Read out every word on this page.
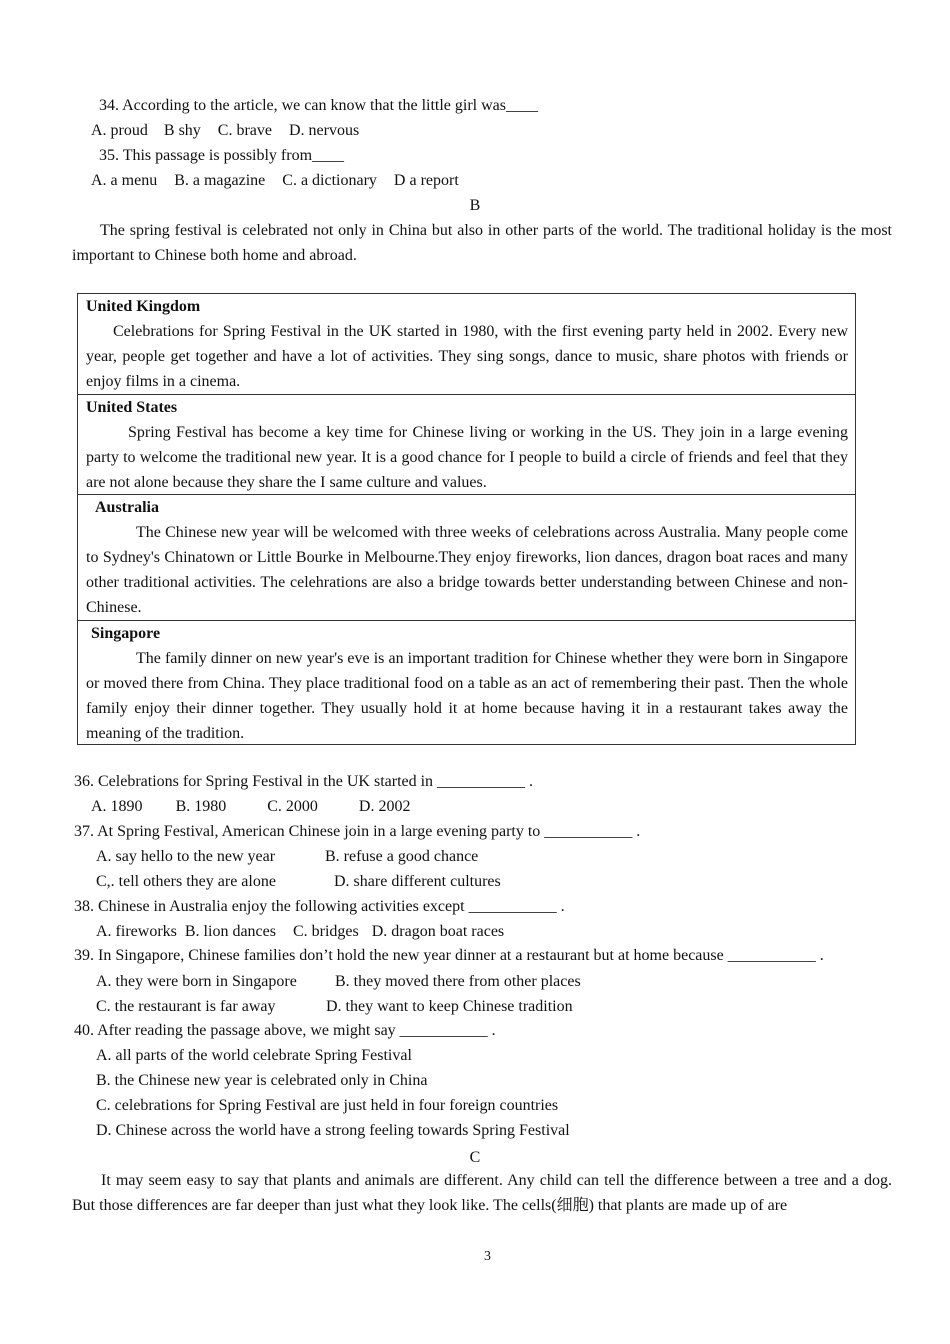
34. According to the article, we can know that the little girl was____
A. proud B shy C. brave D. nervous
35. This passage is possibly from____
A. a menu B. a magazine C. a dictionary D a report
B
The spring festival is celebrated not only in China but also in other parts of the world. The traditional holiday is the most important to Chinese both home and abroad.
United Kingdom
Celebrations for Spring Festival in the UK started in 1980, with the first evening party held in 2002. Every new year, people get together and have a lot of activities. They sing songs, dance to music, share photos with friends or enjoy films in a cinema.
United States
Spring Festival has become a key time for Chinese living or working in the US. They join in a large evening party to welcome the traditional new year. It is a good chance for I people to build a circle of friends and feel that they are not alone because they share the I same culture and values.
Australia
The Chinese new year will be welcomed with three weeks of celebrations across Australia. Many people come to Sydney's Chinatown or Little Bourke in Melbourne.They enjoy fireworks, lion dances, dragon boat races and many other traditional activities. The celehrations are also a bridge towards better understanding between Chinese and non-Chinese.
Singapore
The family dinner on new year's eve is an important tradition for Chinese whether they were born in Singapore or moved there from China. They place traditional food on a table as an act of remembering their past. Then the whole family enjoy their dinner together. They usually hold it at home because having it in a restaurant takes away the meaning of the tradition.
36. Celebrations for Spring Festival in the UK started in ___________ .
A. 1890 B. 1980	C. 2000	D. 2002
37. At Spring Festival, American Chinese join in a large evening party to ___________ .
A. say hello to the new year	B. refuse a good chance
C,. tell others they are alone	D. share different cultures
38. Chinese in Australia enjoy the following activities except ___________ .
A. fireworks B. lion dances C. bridges D. dragon boat races
39. In Singapore, Chinese families don’t hold the new year dinner at a restaurant but at home because ___________ .
A. they were born in Singapore B. they moved there from other places
C. the restaurant is far away	D. they want to keep Chinese tradition
40. After reading the passage above, we might say ___________ .
A. all parts of the world celebrate Spring Festival
B. the Chinese new year is celebrated only in China
C. celebrations for Spring Festival are just held in four foreign countries
D. Chinese across the world have a strong feeling towards Spring Festival
C
It may seem easy to say that plants and animals are different. Any child can tell the difference between a tree and a dog. But those differences are far deeper than just what they look like. The cells(细胞) that plants are made up of are
3
